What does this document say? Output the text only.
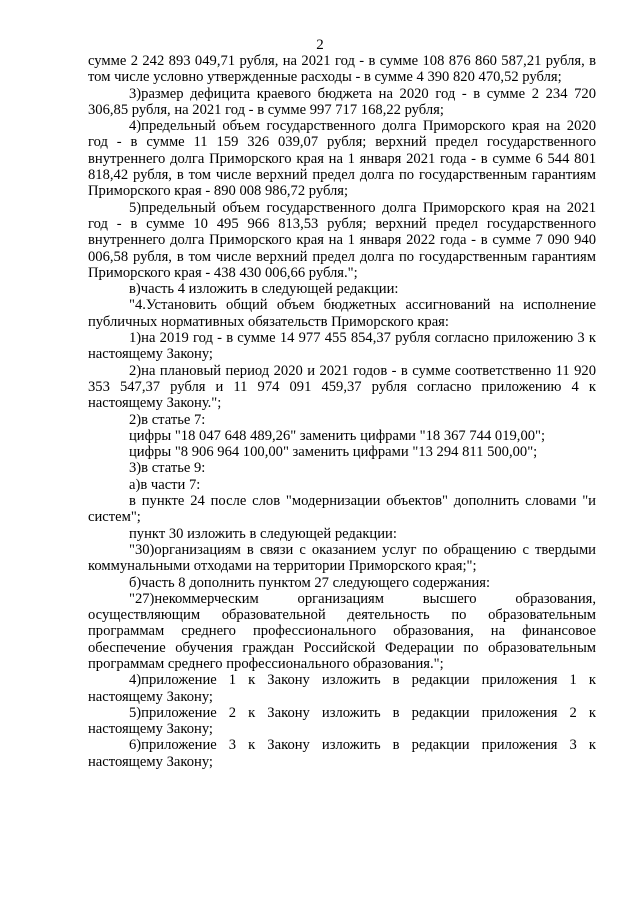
2

сумме 2 242 893 049,71 рубля, на 2021 год - в сумме 108 876 860 587,21 рубля, в том числе условно утвержденные расходы - в сумме 4 390 820 470,52 рубля;

3)размер дефицита краевого бюджета на 2020 год - в сумме 2 234 720 306,85 рубля, на 2021 год - в сумме 997 717 168,22 рубля;

4)предельный объем государственного долга Приморского края на 2020 год - в сумме 11 159 326 039,07 рубля; верхний предел государственного внутреннего долга Приморского края на 1 января 2021 года - в сумме 6 544 801 818,42 рубля, в том числе верхний предел долга по государственным гарантиям Приморского края - 890 008 986,72 рубля;

5)предельный объем государственного долга Приморского края на 2021 год - в сумме 10 495 966 813,53 рубля; верхний предел государственного внутреннего долга Приморского края на 1 января 2022 года - в сумме 7 090 940 006,58 рубля, в том числе верхний предел долга по государственным гарантиям Приморского края - 438 430 006,66 рубля.";

в)часть 4 изложить в следующей редакции:

"4.Установить общий объем бюджетных ассигнований на исполнение публичных нормативных обязательств Приморского края:

1)на 2019 год - в сумме 14 977 455 854,37 рубля согласно приложению 3 к настоящему Закону;

2)на плановый период 2020 и 2021 годов - в сумме соответственно 11 920 353 547,37 рубля и 11 974 091 459,37 рубля согласно приложению 4 к настоящему Закону.";

2)в статье 7:

цифры "18 047 648 489,26" заменить цифрами "18 367 744 019,00";

цифры "8 906 964 100,00" заменить цифрами "13 294 811 500,00";

3)в статье 9:

а)в части 7:

в пункте 24 после слов "модернизации объектов" дополнить словами "и систем";

пункт 30 изложить в следующей редакции:

"30)организациям в связи с оказанием услуг по обращению с твердыми коммунальными отходами на территории Приморского края;";

б)часть 8 дополнить пунктом 27 следующего содержания:

"27)некоммерческим организациям высшего образования, осуществляющим образовательной деятельность по образовательным программам среднего профессионального образования, на финансовое обеспечение обучения граждан Российской Федерации по образовательным программам среднего профессионального образования.";

4)приложение 1 к Закону изложить в редакции приложения 1 к настоящему Закону;

5)приложение 2 к Закону изложить в редакции приложения 2 к настоящему Закону;

6)приложение 3 к Закону изложить в редакции приложения 3 к настоящему Закону;
